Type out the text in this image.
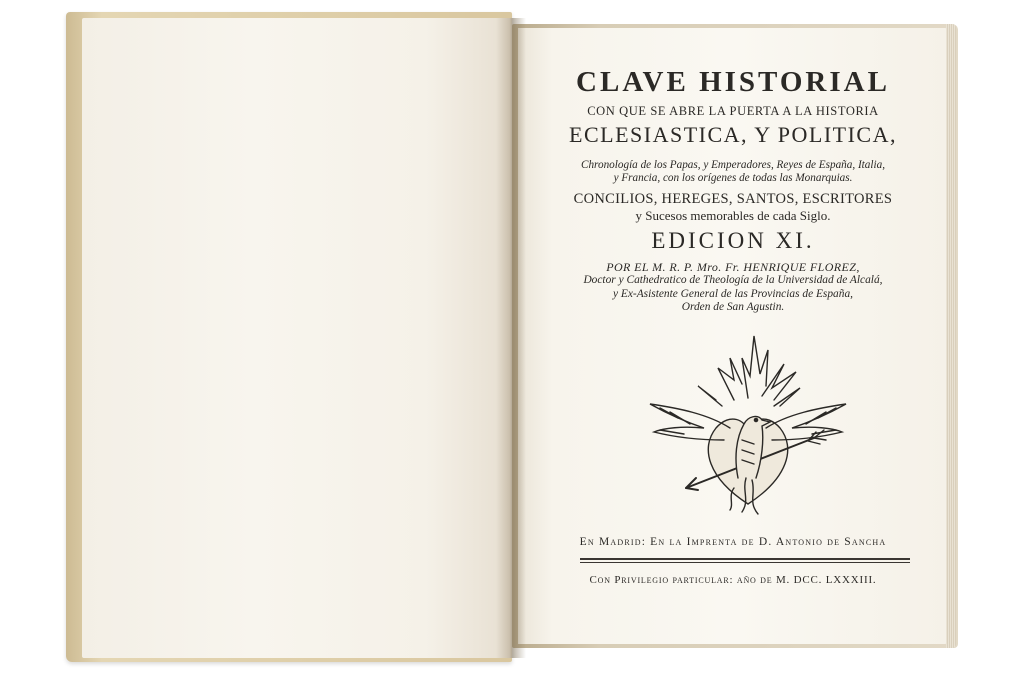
CLAVE HISTORIAL
CON QUE SE ABRE LA PUERTA A LA HISTORIA
ECLESIASTICA, Y POLITICA,
Chronología de los Papas, y Emperadores, Reyes de España, Italia,
y Francia, con los orígenes de todas las Monarquias.
CONCILIOS, HEREGES, SANTOS, ESCRITORES
y Sucesos memorables de cada Siglo.
EDICION XI.
POR EL M. R. P. Mro. Fr. HENRIQUE FLOREZ,
Doctor y Cathedratico de Theología de la Universidad de Alcalá,
y Ex-Asistente General de las Provincias de España,
Orden de San Agustin.
En Madrid: En la Imprenta de D. Antonio de Sancha
Con Privilegio particular: año de M. DCC. LXXXIII.
